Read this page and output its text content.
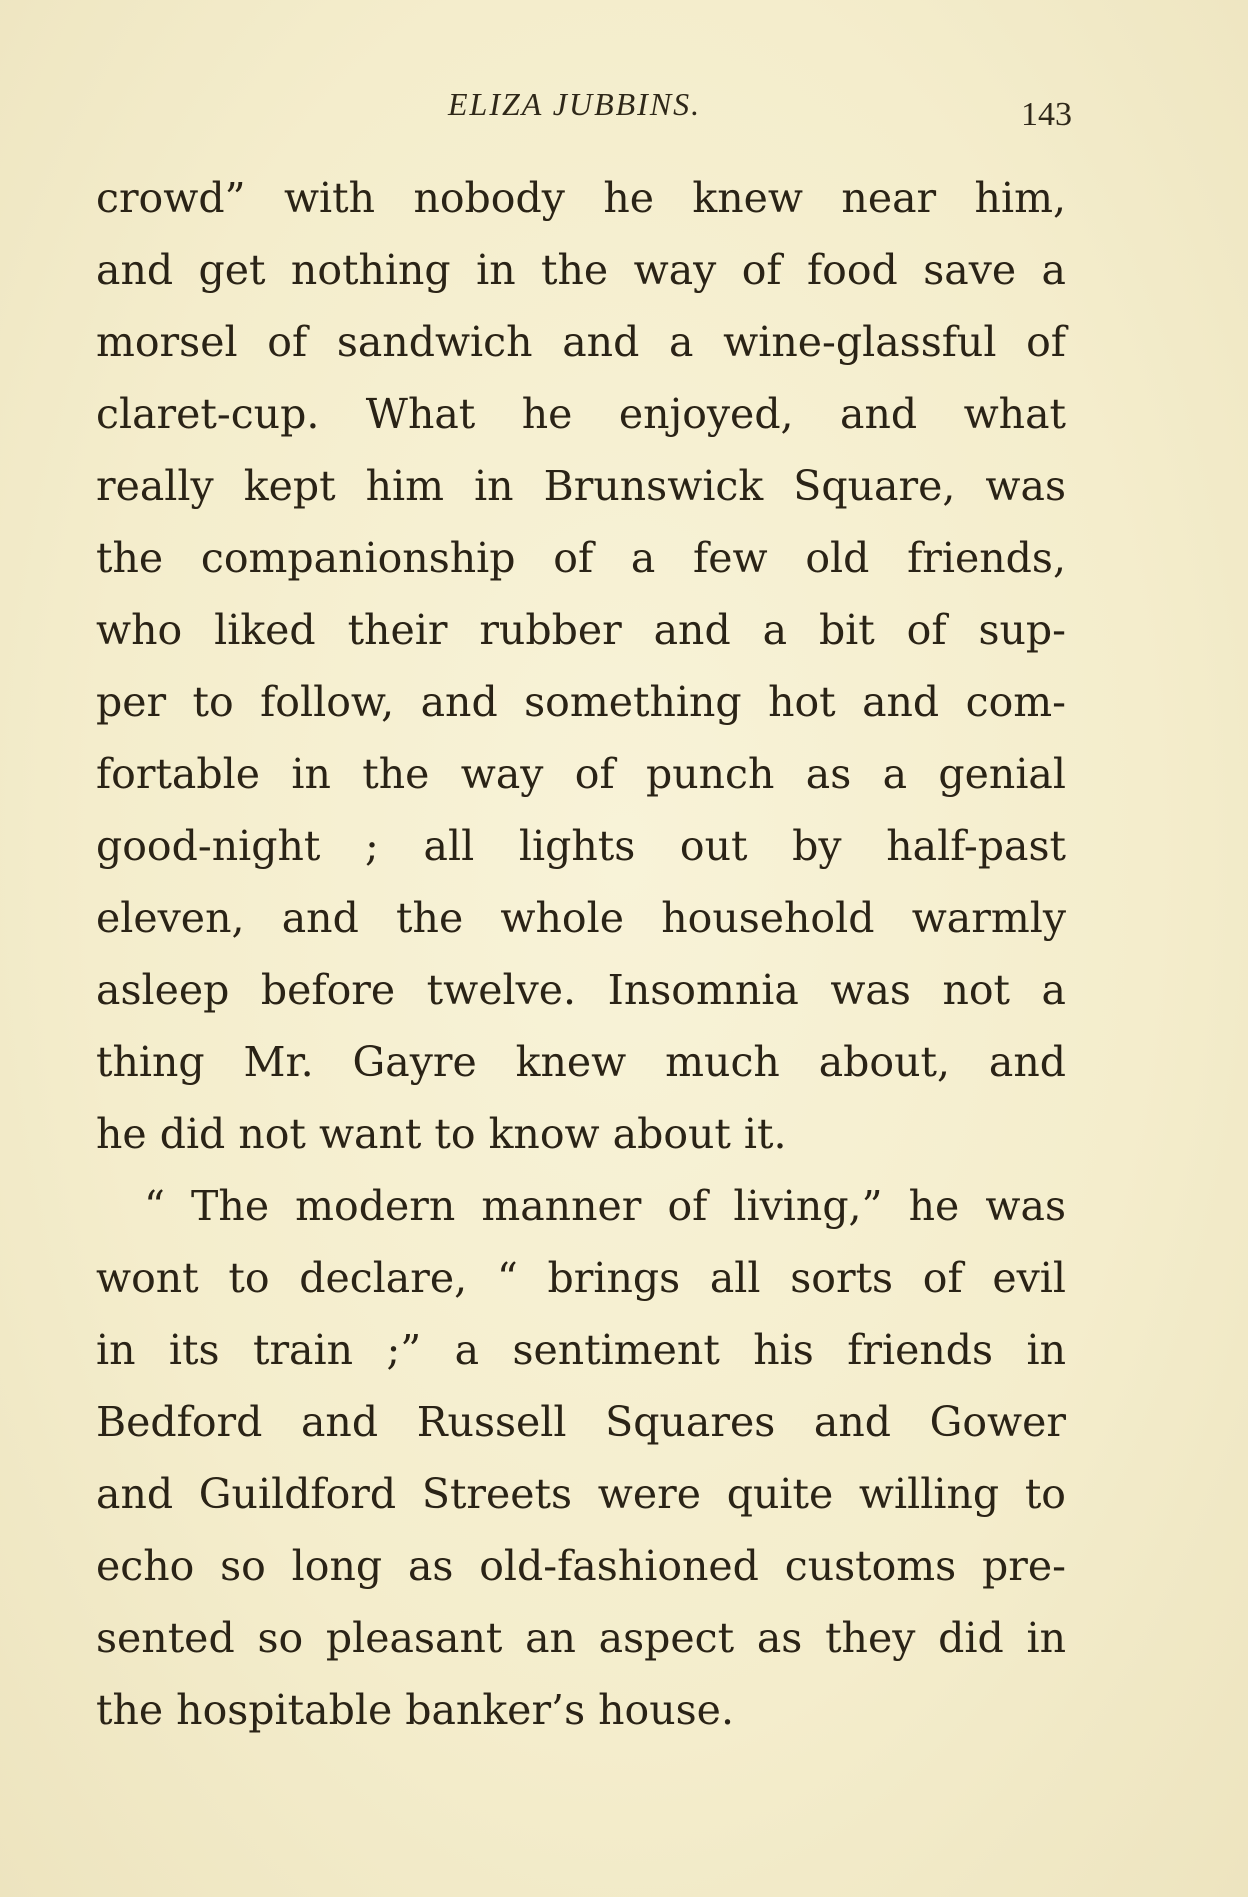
ELIZA JUBBINS.	143
crowd” with nobody he knew near him,
and get nothing in the way of food save a
morsel of sandwich and a wine-glassful of
claret-cup. What he enjoyed, and what
really kept him in Brunswick Square, was
the companionship of a few old friends,
who liked their rubber and a bit of sup-
per to follow, and something hot and com-
fortable in the way of punch as a genial
good-night ; all lights out by half-past
eleven, and the whole household warmly
asleep before twelve. Insomnia was not a
thing Mr. Gayre knew much about, and
he did not want to know about it.
“ The modern manner of living,” he was
wont to declare, “ brings all sorts of evil
in its train ;” a sentiment his friends in
Bedford and Russell Squares and Gower
and Guildford Streets were quite willing to
echo so long as old-fashioned customs pre-
sented so pleasant an aspect as they did in
the hospitable banker’s house.
